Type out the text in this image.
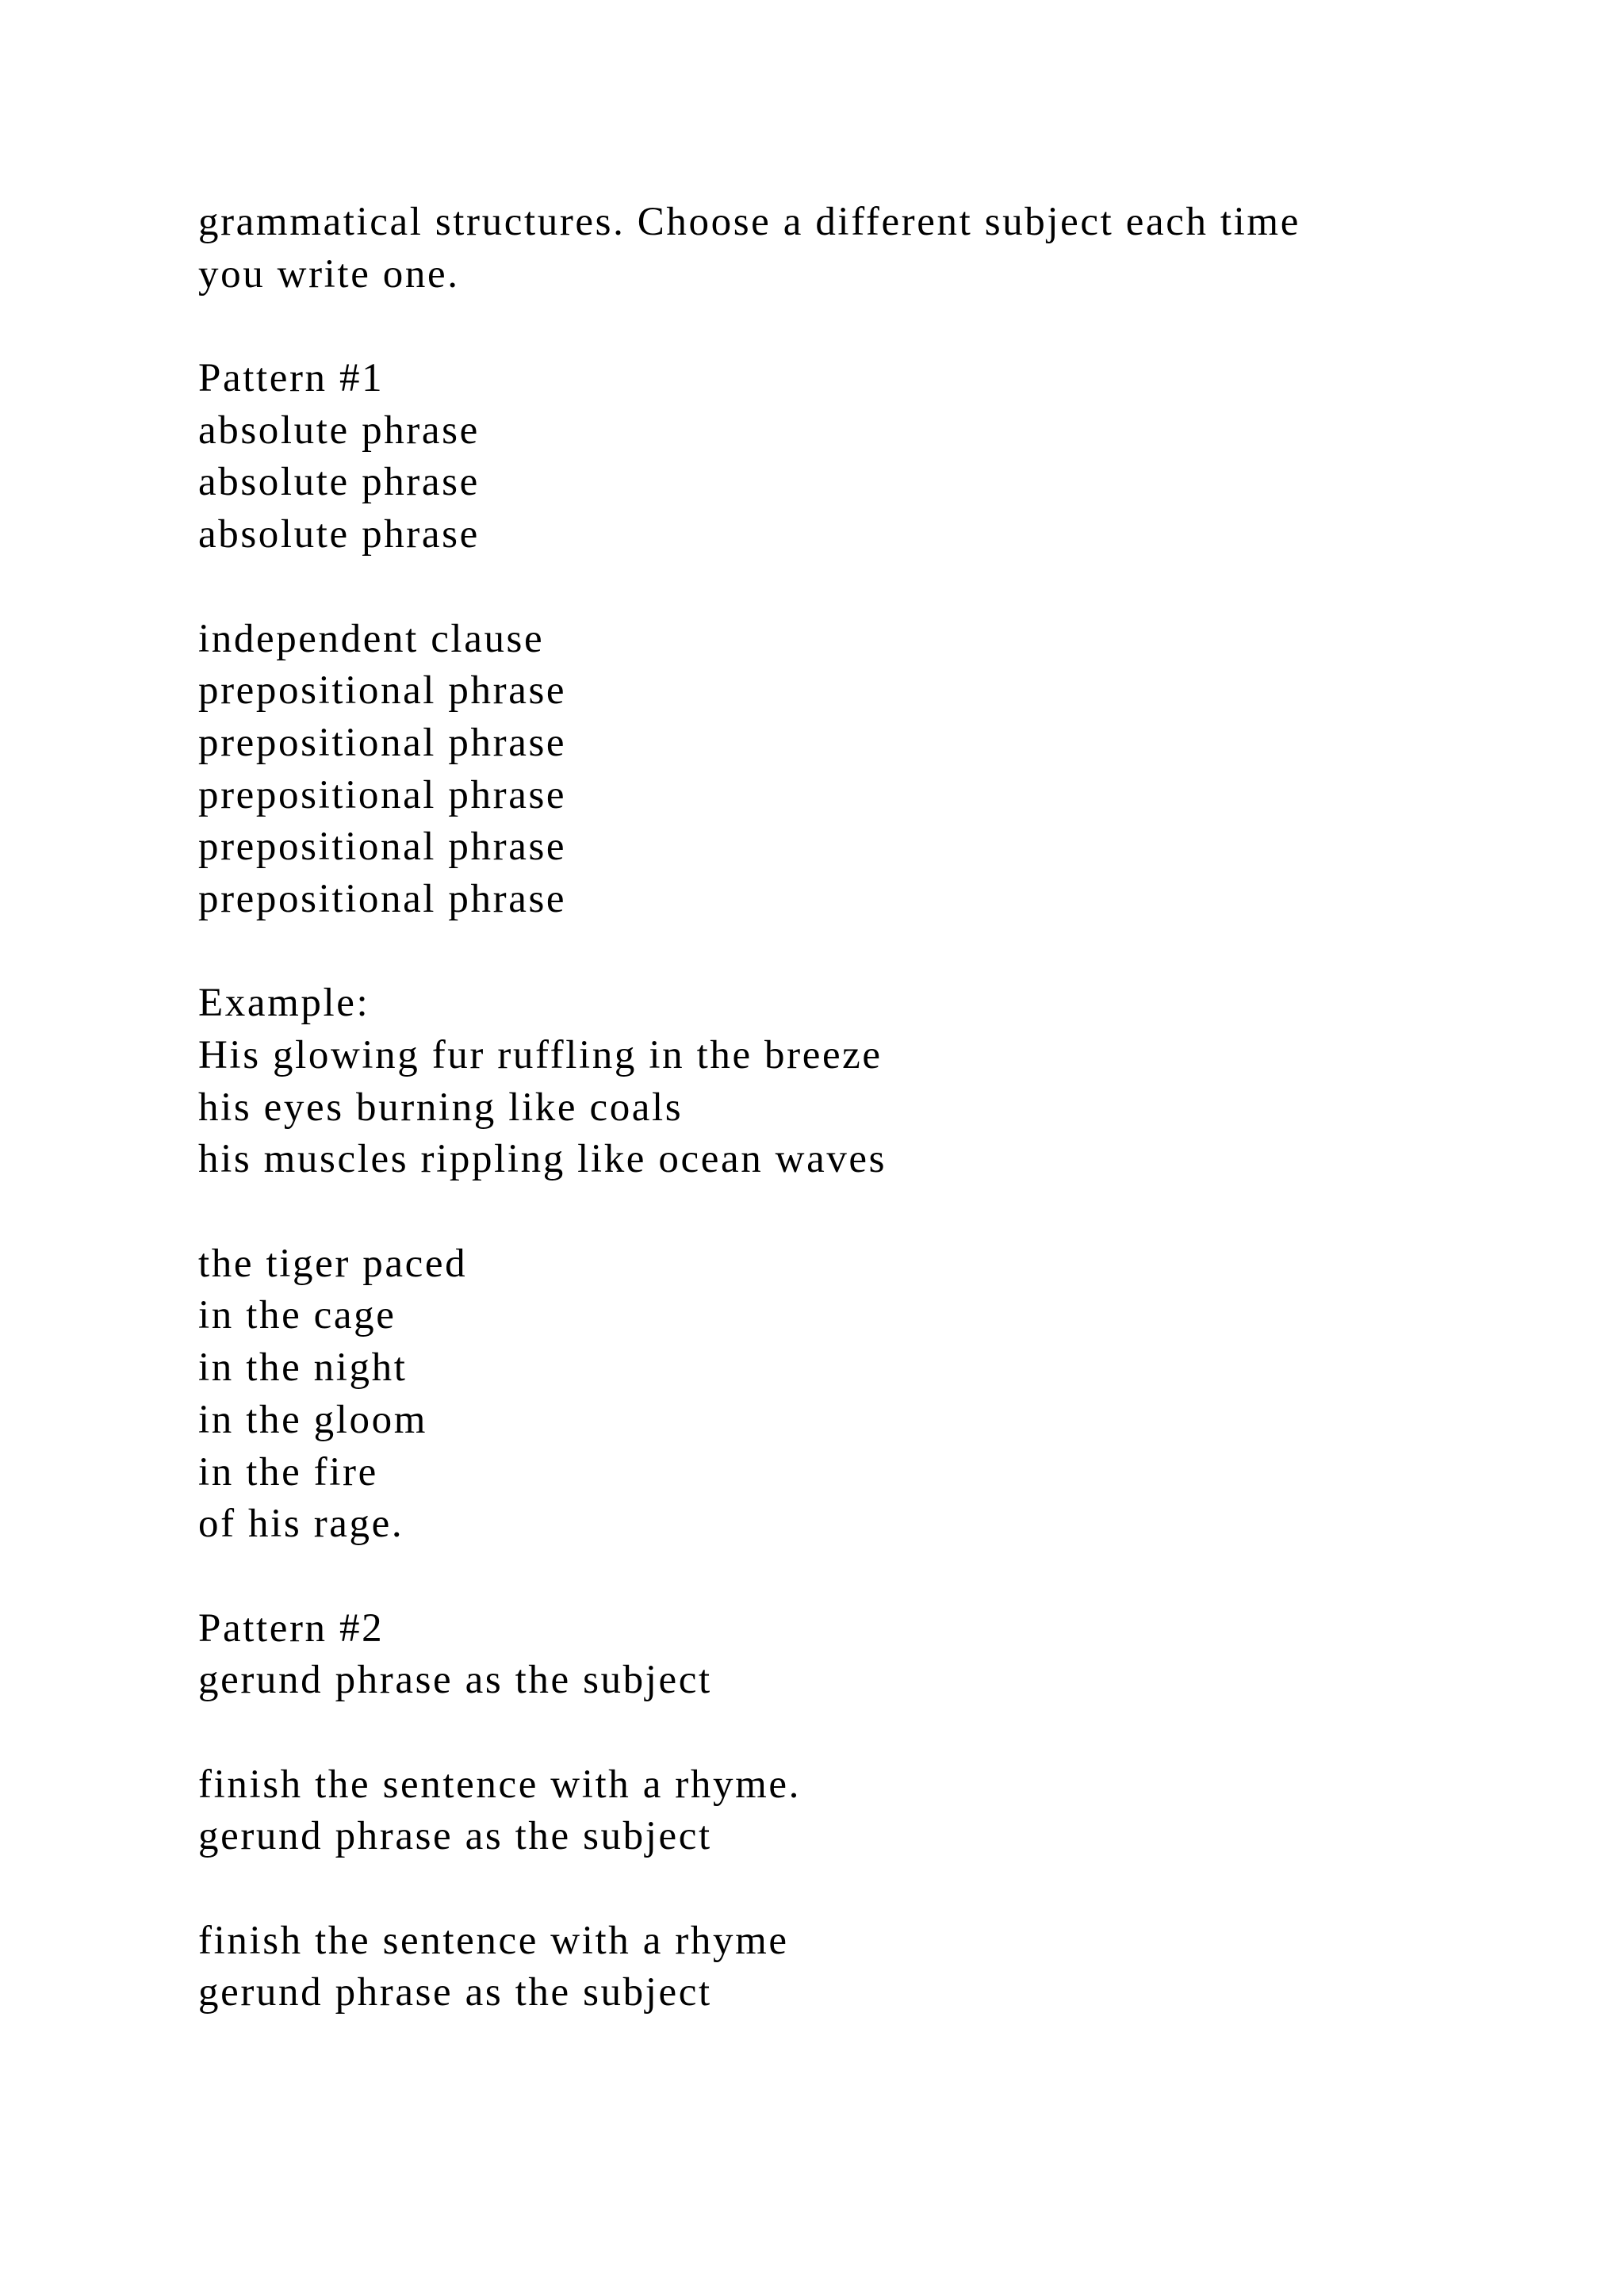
grammatical structures. Choose a different subject each time
you write one.
Pattern #1
absolute phrase
absolute phrase
absolute phrase
independent clause
prepositional phrase
prepositional phrase
prepositional phrase
prepositional phrase
prepositional phrase
Example:
His glowing fur ruffling in the breeze
his eyes burning like coals
his muscles rippling like ocean waves
the tiger paced
in the cage
in the night
in the gloom
in the fire
of his rage.
Pattern #2
gerund phrase as the subject
finish the sentence with a rhyme.
gerund phrase as the subject
finish the sentence with a rhyme
gerund phrase as the subject
